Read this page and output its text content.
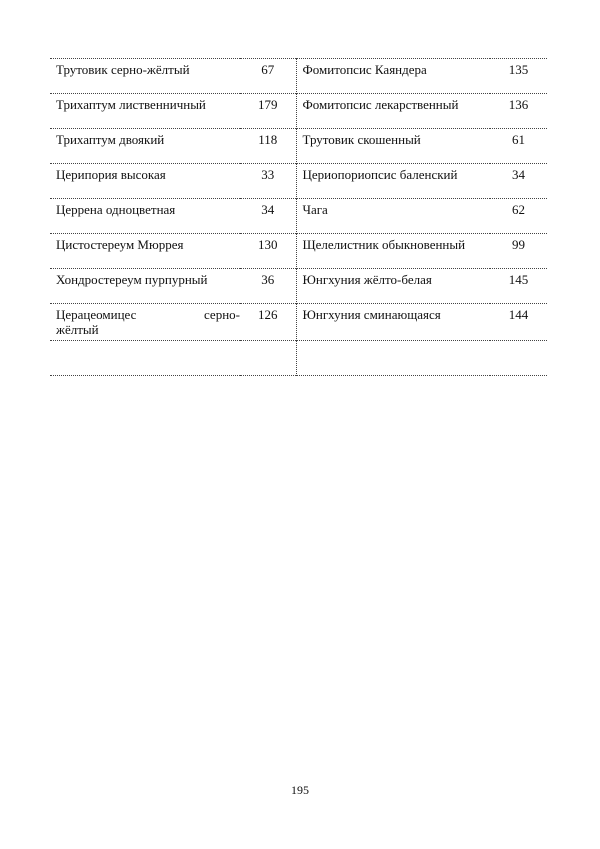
Трутовик серно-жёлтый	67	Фомитопсис Каяндера	135
Трихаптум лиственничный	179	Фомитопсис лекарственный	136
Трихаптум двоякий	118	Трутовик скошенный	61
Церипория высокая	33	Цериопориопсис баленский	34
Церрена одноцветная	34	Чага	62
Цистостереум Мюррея	130	Щелелистник обыкновенный	99
Хондростереум пурпурный	36	Юнгхуния жёлто-белая	145

Церацеомицес серно-
жёлтый	126	Юнгхуния сминающаяся	144

195
